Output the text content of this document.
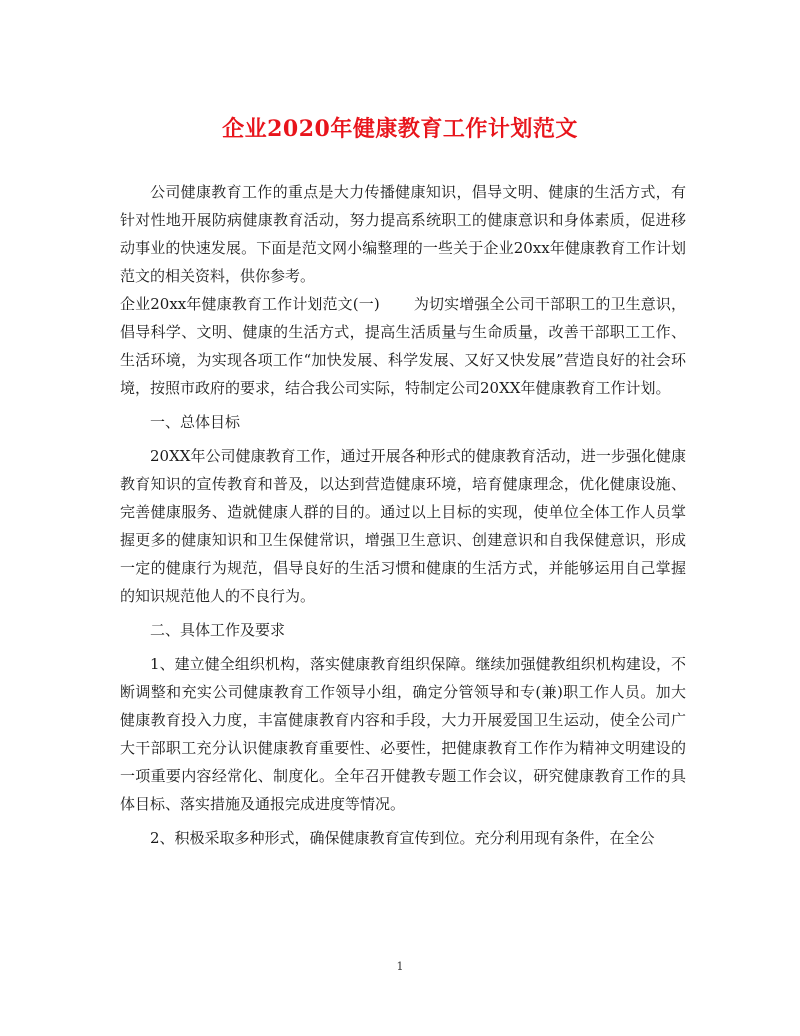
企业2020年健康教育工作计划范文

公司健康教育工作的重点是大力传播健康知识，倡导文明、健康的生活方式，有针对性地开展防病健康教育活动，努力提高系统职工的健康意识和身体素质，促进移动事业的快速发展。下面是范文网小编整理的一些关于企业20xx年健康教育工作计划范文的相关资料，供你参考。

企业20xx年健康教育工作计划范文(一) 为切实增强全公司干部职工的卫生意识，倡导科学、文明、健康的生活方式，提高生活质量与生命质量，改善干部职工工作、生活环境，为实现各项工作“加快发展、科学发展、又好又快发展”营造良好的社会环境，按照市政府的要求，结合我公司实际，特制定公司20XX年健康教育工作计划。

一、总体目标

20XX年公司健康教育工作，通过开展各种形式的健康教育活动，进一步强化健康教育知识的宣传教育和普及，以达到营造健康环境，培育健康理念，优化健康设施、完善健康服务、造就健康人群的目的。通过以上目标的实现，使单位全体工作人员掌握更多的健康知识和卫生保健常识，增强卫生意识、创建意识和自我保健意识，形成一定的健康行为规范，倡导良好的生活习惯和健康的生活方式，并能够运用自己掌握的知识规范他人的不良行为。

二、具体工作及要求

1、建立健全组织机构，落实健康教育组织保障。继续加强健教组织机构建设，不断调整和充实公司健康教育工作领导小组，确定分管领导和专(兼)职工作人员。加大健康教育投入力度，丰富健康教育内容和手段，大力开展爱国卫生运动，使全公司广大干部职工充分认识健康教育重要性、必要性，把健康教育工作作为精神文明建设的一项重要内容经常化、制度化。全年召开健教专题工作会议，研究健康教育工作的具体目标、落实措施及通报完成进度等情况。

2、积极采取多种形式，确保健康教育宣传到位。充分利用现有条件，在全公

1
